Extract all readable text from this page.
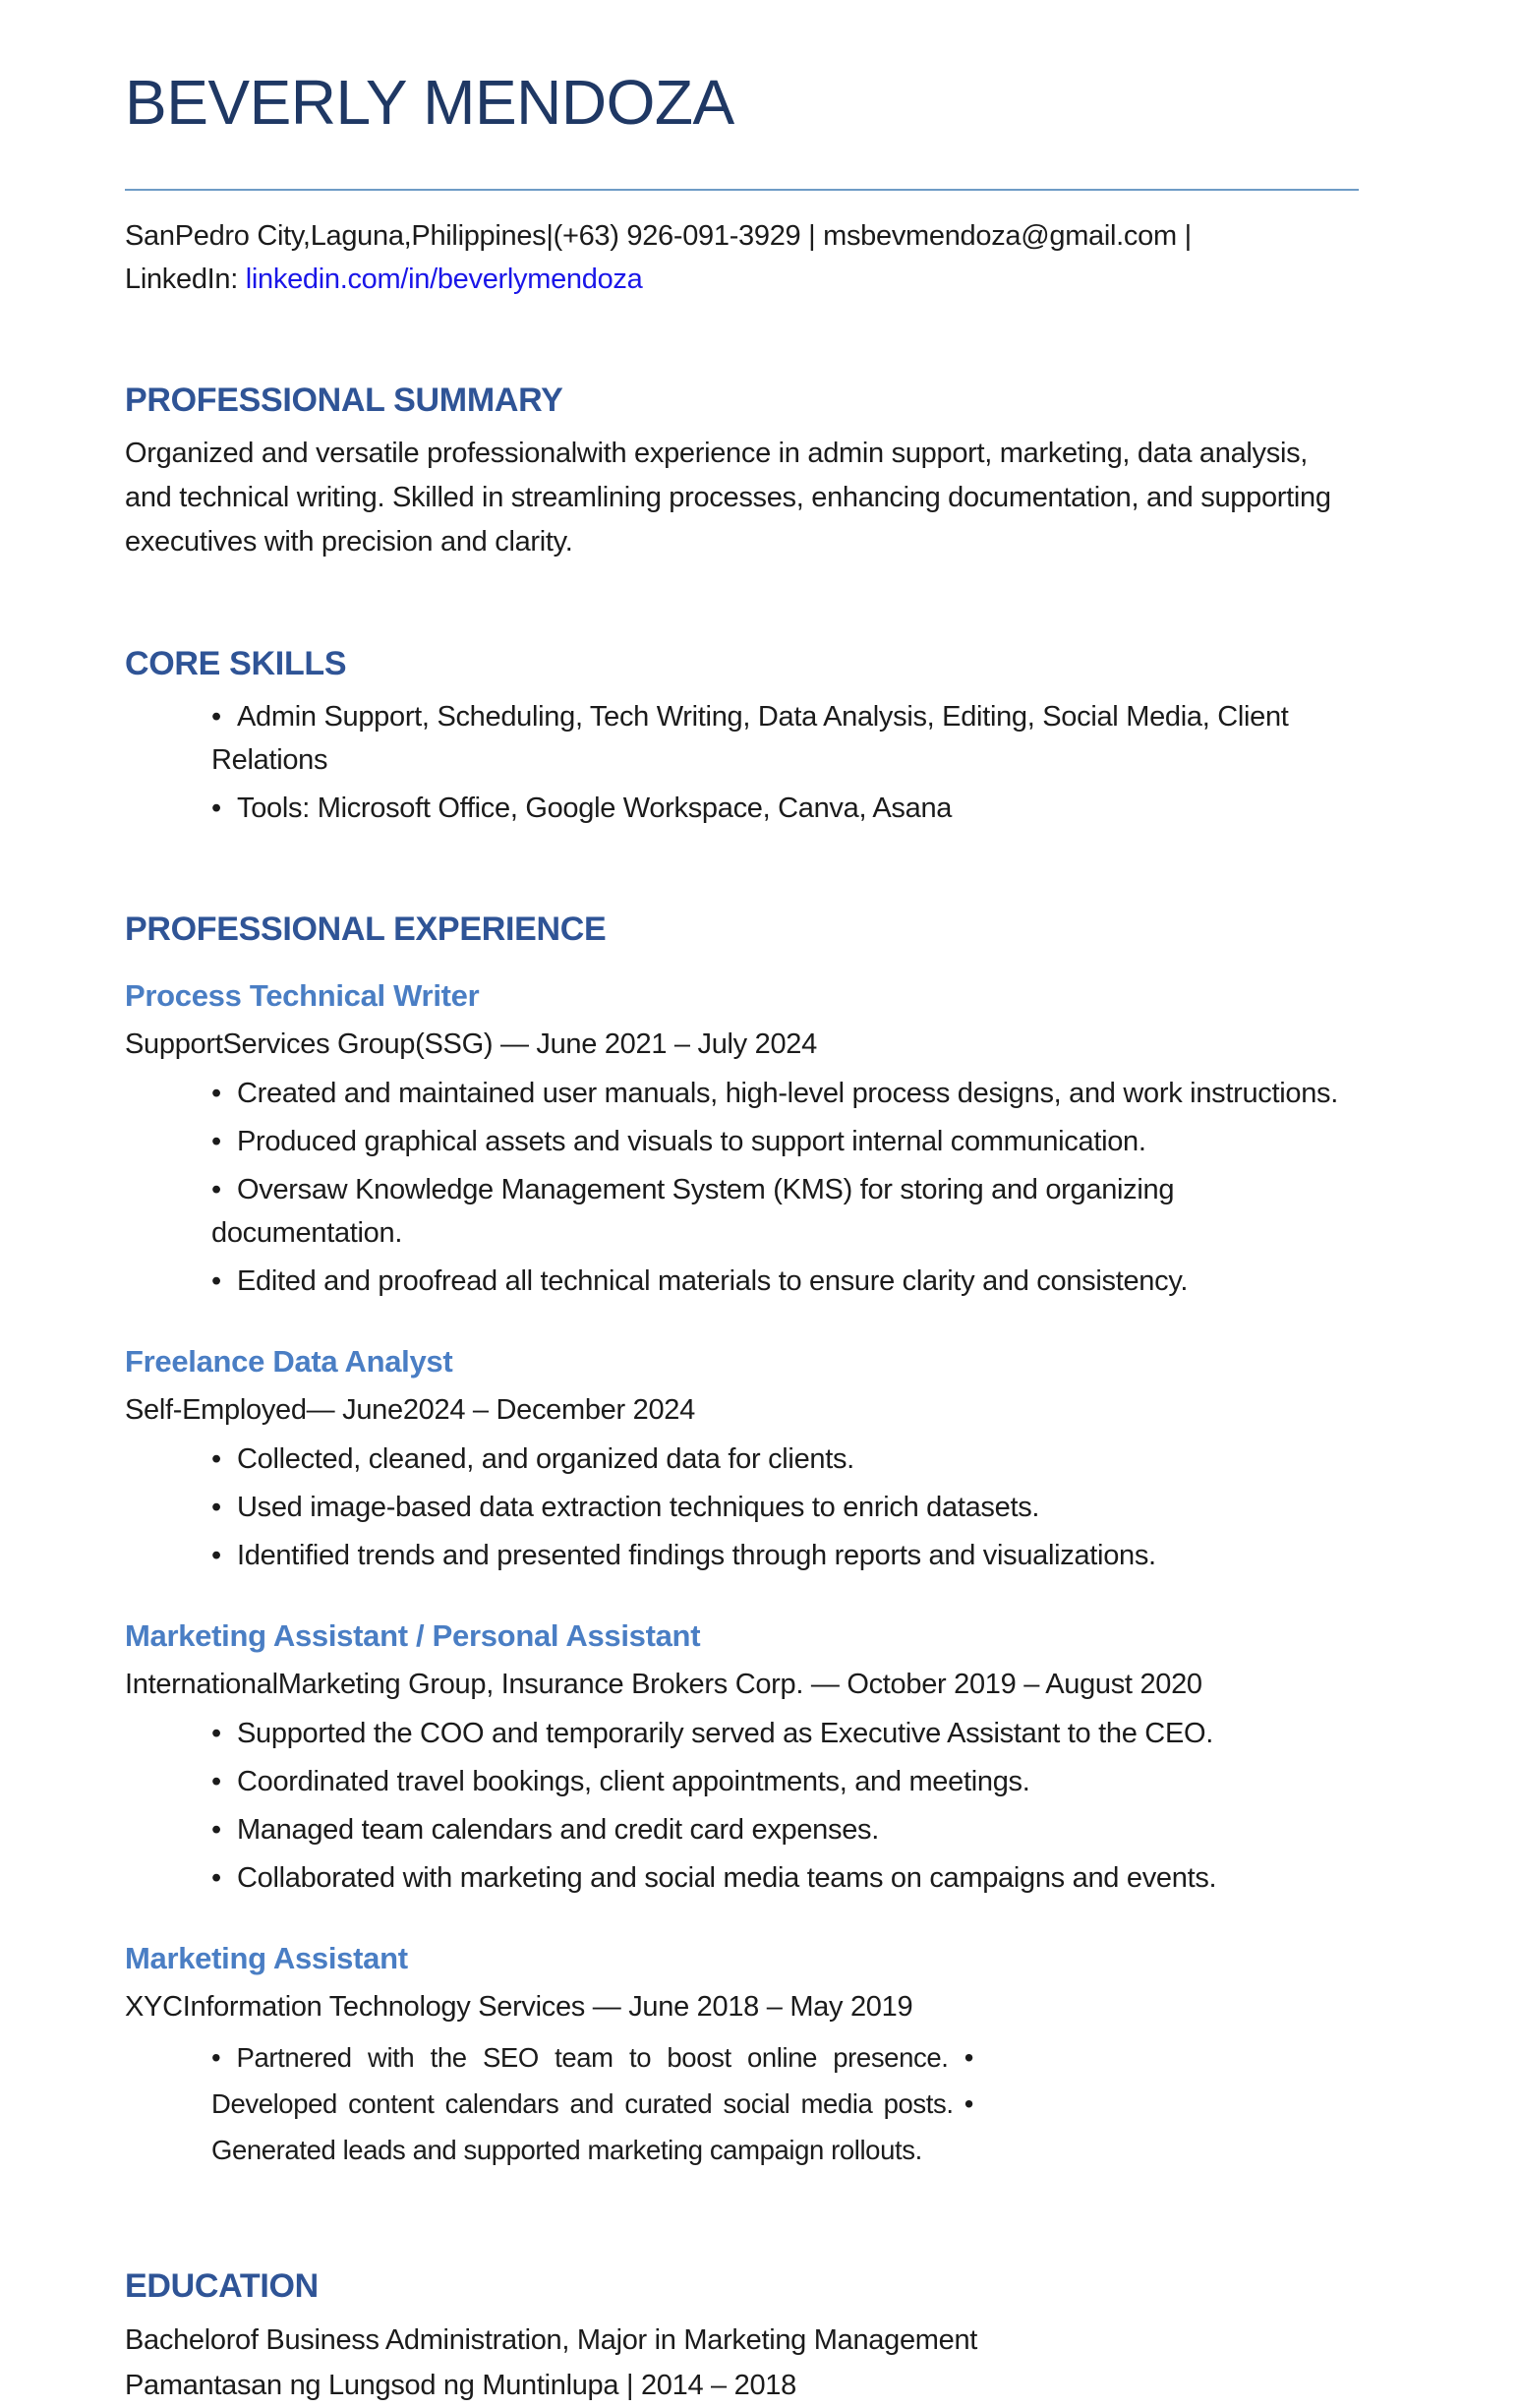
BEVERLY MENDOZA

SanPedro City,Laguna,Philippines|(+63) 926-091-3929 | msbevmendoza@gmail.com |
LinkedIn: linkedin.com/in/beverlymendoza

PROFESSIONAL SUMMARY

Organized and versatile professionalwith experience in admin support, marketing, data analysis, and technical writing. Skilled in streamlining processes, enhancing documentation, and supporting executives with precision and clarity.

CORE SKILLS
• Admin Support, Scheduling, Tech Writing, Data Analysis, Editing, Social Media, Client Relations
• Tools: Microsoft Office, Google Workspace, Canva, Asana
PROFESSIONAL EXPERIENCE
Process Technical Writer

SupportServices Group(SSG) — June 2021 – July 2024

• Created and maintained user manuals, high-level process designs, and work instructions.
• Produced graphical assets and visuals to support internal communication.
• Oversaw Knowledge Management System (KMS) for storing and organizing documentation.
• Edited and proofread all technical materials to ensure clarity and consistency.
Freelance Data Analyst

Self-Employed— June2024 – December 2024

• Collected, cleaned, and organized data for clients.
• Used image-based data extraction techniques to enrich datasets.
• Identified trends and presented findings through reports and visualizations.
Marketing Assistant / Personal Assistant

InternationalMarketing Group, Insurance Brokers Corp. — October 2019 – August 2020

• Supported the COO and temporarily served as Executive Assistant to the CEO.
• Coordinated travel bookings, client appointments, and meetings.
• Managed team calendars and credit card expenses.
• Collaborated with marketing and social media teams on campaigns and events.
Marketing Assistant

XYCInformation Technology Services — June 2018 – May 2019

• Partnered with the SEO team to boost online presence. •
Developed content calendars and curated social media posts. •
Generated leads and supported marketing campaign rollouts.
EDUCATION

Bachelorof Business Administration, Major in Marketing Management

Pamantasan ng Lungsod ng Muntinlupa | 2014 – 2018
